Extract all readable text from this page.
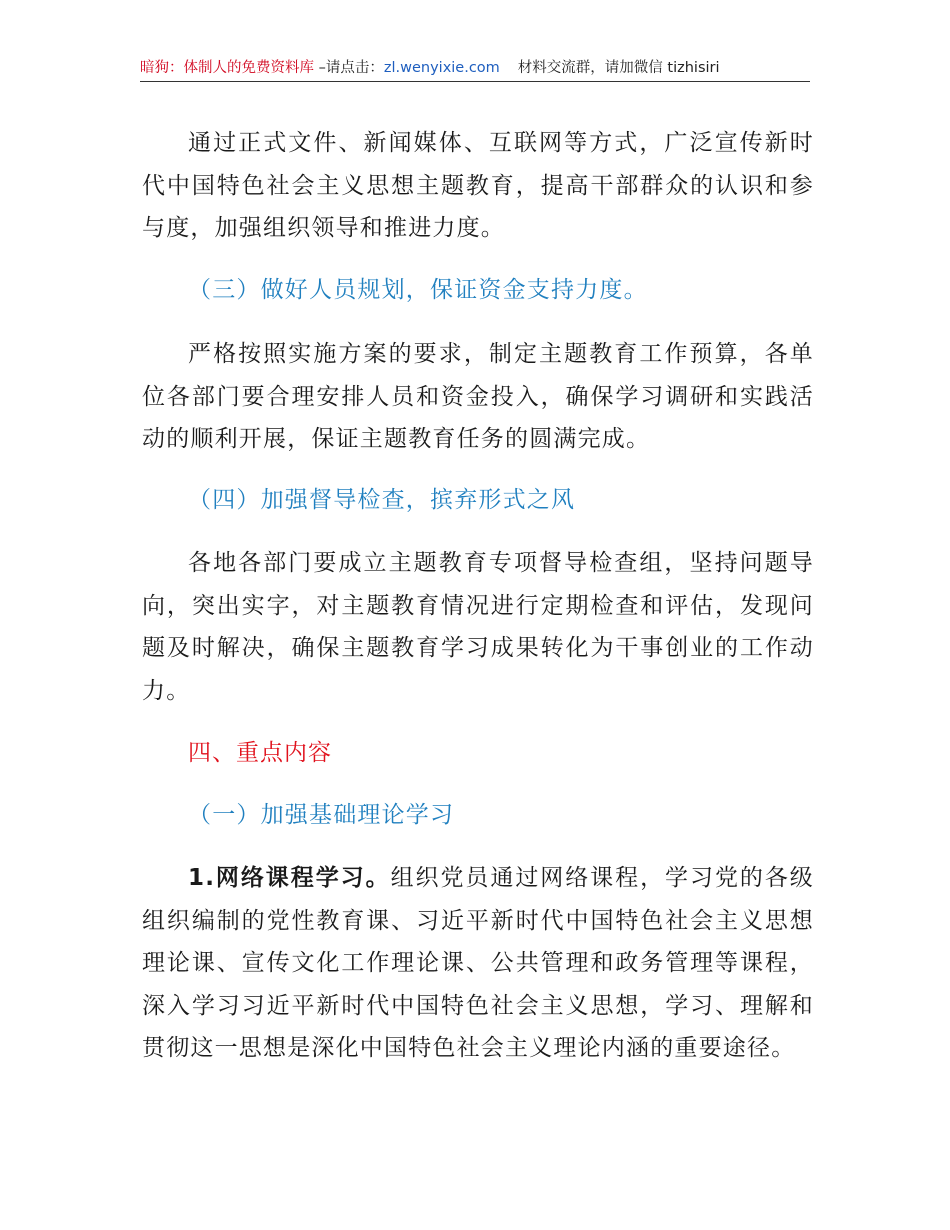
暗狗：体制人的免费资料库 –请点击：zl.wenyixie.com 材料交流群，请加微信 tizhisiri

通过正式文件、新闻媒体、互联网等方式，广泛宣传新时代中国特色社会主义思想主题教育，提高干部群众的认识和参与度，加强组织领导和推进力度。

（三）做好人员规划，保证资金支持力度。

严格按照实施方案的要求，制定主题教育工作预算，各单位各部门要合理安排人员和资金投入，确保学习调研和实践活动的顺利开展，保证主题教育任务的圆满完成。

（四）加强督导检查，摈弃形式之风

各地各部门要成立主题教育专项督导检查组，坚持问题导向，突出实字，对主题教育情况进行定期检查和评估，发现问题及时解决，确保主题教育学习成果转化为干事创业的工作动力。

四、重点内容

（一）加强基础理论学习

1.网络课程学习。组织党员通过网络课程，学习党的各级组织编制的党性教育课、习近平新时代中国特色社会主义思想理论课、宣传文化工作理论课、公共管理和政务管理等课程，深入学习习近平新时代中国特色社会主义思想，学习、理解和贯彻这一思想是深化中国特色社会主义理论内涵的重要途径。
